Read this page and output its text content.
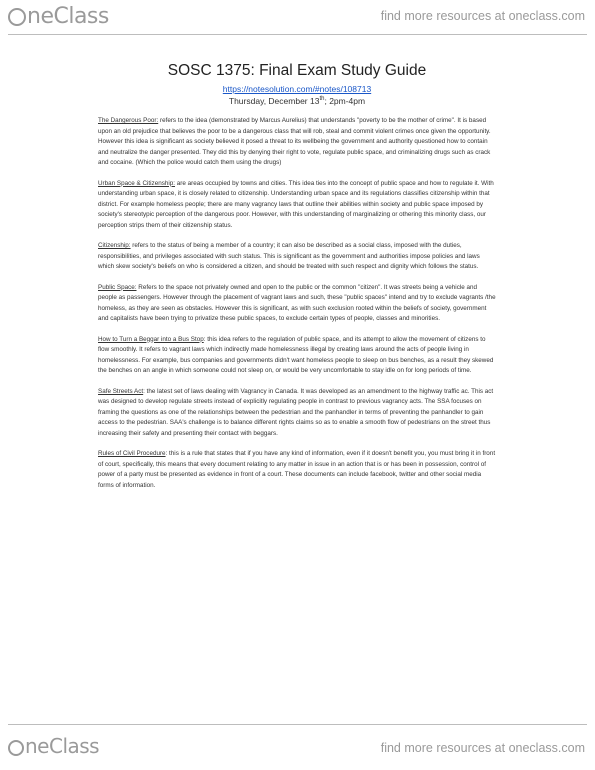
neClass	find more resources at oneclass.com
SOSC 1375: Final Exam Study Guide
https://notesolution.com/#notes/108713
Thursday, December 13th; 2pm-4pm

The Dangerous Poor: refers to the idea (demonstrated by Marcus Aurelius) that understands "poverty to be the mother of crime". It is based upon an old prejudice that believes the poor to be a dangerous class that will rob, steal and commit violent crimes once given the opportunity. However this idea is significant as society believed it posed a threat to its wellbeing the government and authority questioned how to contain and neutralize the danger presented. They did this by denying their right to vote, regulate public space, and criminalizing drugs such as crack and cocaine. (Which the police would catch them using the drugs)

Urban Space & Citizenship: are areas occupied by towns and cities. This idea ties into the concept of public space and how to regulate it. With understanding urban space, it is closely related to citizenship. Understanding urban space and its regulations classifies citizenship within that district. For example homeless people; there are many vagrancy laws that outline their abilities within society and public space imposed by society's stereotypic perception of the dangerous poor. However, with this understanding of marginalizing or othering this minority class, our perception strips them of their citizenship status.

Citizenship: refers to the status of being a member of a country; it can also be described as a social class, imposed with the duties, responsibilities, and privileges associated with such status. This is significant as the government and authorities impose policies and laws which skew society's beliefs on who is considered a citizen, and should be treated with such respect and dignity which follows the status.

Public Space: Refers to the space not privately owned and open to the public or the common "citizen". It was streets being a vehicle and people as passengers. However through the placement of vagrant laws and such, these "public spaces" intend and try to exclude vagrants /the homeless, as they are seen as obstacles. However this is significant, as with such exclusion rooted within the beliefs of society, government and capitalists have been trying to privatize these public spaces, to exclude certain types of people, classes and minorities.

How to Turn a Beggar into a Bus Stop: this idea refers to the regulation of public space, and its attempt to allow the movement of citizens to flow smoothly. It refers to vagrant laws which indirectly made homelessness illegal by creating laws around the acts of people living in homelessness. For example, bus companies and governments didn't want homeless people to sleep on bus benches, as a result they skewed the benches on an angle in which someone could not sleep on, or would be very uncomfortable to stay idle on for long periods of time.

Safe Streets Act: the latest set of laws dealing with Vagrancy in Canada. It was developed as an amendment to the highway traffic ac. This act was designed to develop regulate streets instead of explicitly regulating people in contrast to previous vagrancy acts. The SSA focuses on framing the questions as one of the relationships between the pedestrian and the panhandler in terms of preventing the panhandler to gain access to the pedestrian. SAA's challenge is to balance different rights claims so as to enable a smooth flow of pedestrians on the street thus increasing their safety and presenting their contact with beggars.

Rules of Civil Procedure: this is a rule that states that if you have any kind of information, even if it doesn't benefit you, you must bring it in front of court, specifically, this means that every document relating to any matter in issue in an action that is or has been in possession, control of power of a party must be presented as evidence in front of a court. These documents can include facebook, twitter and other social media forms of information.

neClass	find more resources at oneclass.com
